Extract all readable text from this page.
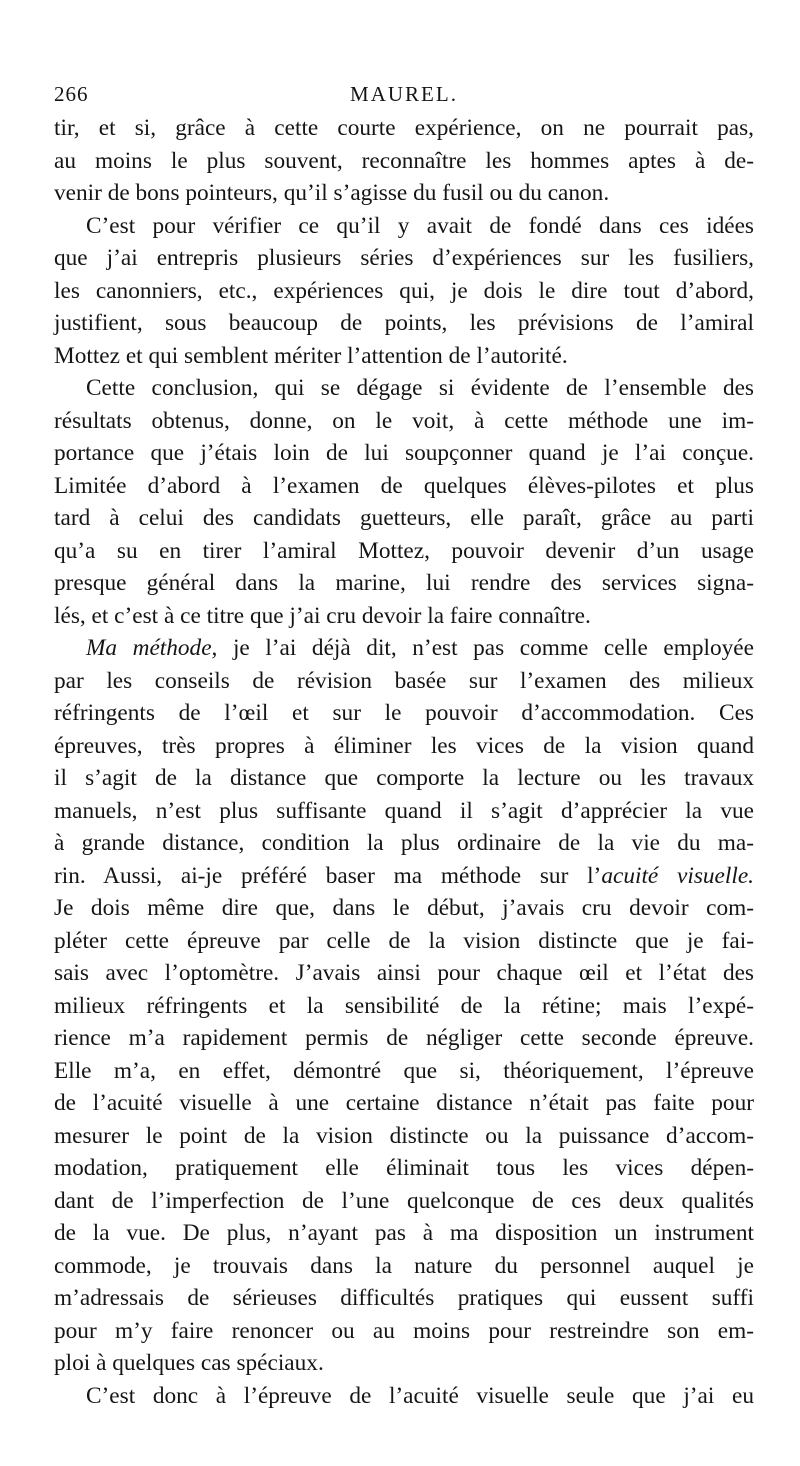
266	MAUREL.
tir, et si, grâce à cette courte expérience, on ne pourrait pas,
au moins le plus souvent, reconnaître les hommes aptes à de-
venir de bons pointeurs, qu’il s’agisse du fusil ou du canon.
C’est pour vérifier ce qu’il y avait de fondé dans ces idées
que j’ai entrepris plusieurs séries d’expériences sur les fusiliers,
les canonniers, etc., expériences qui, je dois le dire tout d’abord,
justifient, sous beaucoup de points, les prévisions de l’amiral
Mottez et qui semblent mériter l’attention de l’autorité.
Cette conclusion, qui se dégage si évidente de l’ensemble des
résultats obtenus, donne, on le voit, à cette méthode une im-
portance que j’étais loin de lui soupçonner quand je l’ai conçue.
Limitée d’abord à l’examen de quelques élèves-pilotes et plus
tard à celui des candidats guetteurs, elle paraît, grâce au parti
qu’a su en tirer l’amiral Mottez, pouvoir devenir d’un usage
presque général dans la marine, lui rendre des services signa-
lés, et c’est à ce titre que j’ai cru devoir la faire connaître.
Ma méthode, je l’ai déjà dit, n’est pas comme celle employée
par les conseils de révision basée sur l’examen des milieux
réfringents de l’œil et sur le pouvoir d’accommodation. Ces
épreuves, très propres à éliminer les vices de la vision quand
il s’agit de la distance que comporte la lecture ou les travaux
manuels, n’est plus suffisante quand il s’agit d’apprécier la vue
à grande distance, condition la plus ordinaire de la vie du ma-
rin. Aussi, ai-je préféré baser ma méthode sur l’acuité visuelle.
Je dois même dire que, dans le début, j’avais cru devoir com-
pléter cette épreuve par celle de la vision distincte que je fai-
sais avec l’optomètre. J’avais ainsi pour chaque œil et l’état des
milieux réfringents et la sensibilité de la rétine; mais l’expé-
rience m’a rapidement permis de négliger cette seconde épreuve.
Elle m’a, en effet, démontré que si, théoriquement, l’épreuve
de l’acuité visuelle à une certaine distance n’était pas faite pour
mesurer le point de la vision distincte ou la puissance d’accom-
modation, pratiquement elle éliminait tous les vices dépen-
dant de l’imperfection de l’une quelconque de ces deux qualités
de la vue. De plus, n’ayant pas à ma disposition un instrument
commode, je trouvais dans la nature du personnel auquel je
m’adressais de sérieuses difficultés pratiques qui eussent suffi
pour m’y faire renoncer ou au moins pour restreindre son em-
ploi à quelques cas spéciaux.
C’est donc à l’épreuve de l’acuité visuelle seule que j’ai eu
